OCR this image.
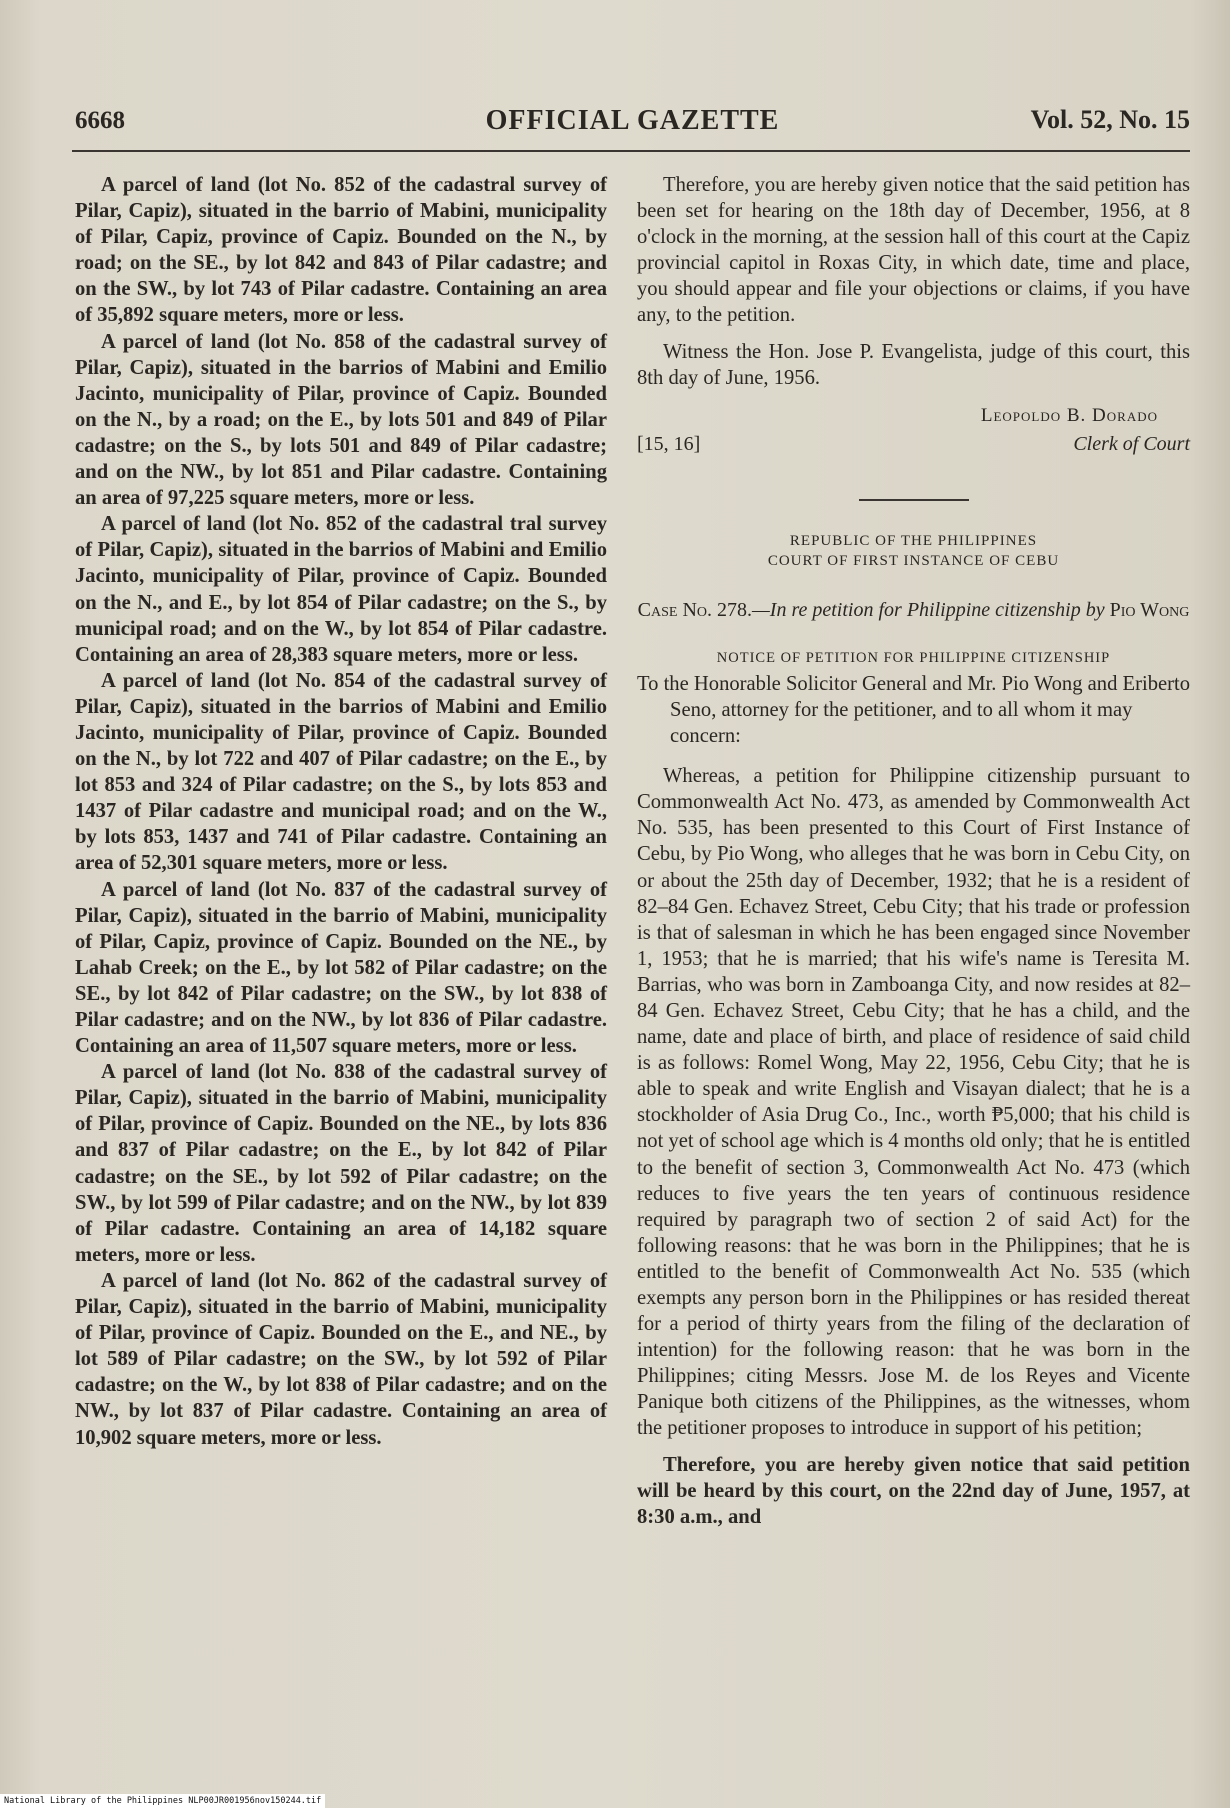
6668	OFFICIAL GAZETTE	Vol. 52, No. 15

A parcel of land (lot No. 852 of the cadastral survey of Pilar, Capiz), situated in the barrio of Mabini, municipality of Pilar, Capiz, province of Capiz. Bounded on the N., by road; on the SE., by lot 842 and 843 of Pilar cadastre; and on the SW., by lot 743 of Pilar cadastre. Containing an area of 35,892 square meters, more or less.

A parcel of land (lot No. 858 of the cadastral survey of Pilar, Capiz), situated in the barrios of Mabini and Emilio Jacinto, municipality of Pilar, province of Capiz. Bounded on the N., by a road; on the E., by lots 501 and 849 of Pilar cadastre; on the S., by lots 501 and 849 of Pilar cadastre; and on the NW., by lot 851 and Pilar cadastre. Containing an area of 97,225 square meters, more or less.

A parcel of land (lot No. 852 of the cadastral tral survey of Pilar, Capiz), situated in the barrios of Mabini and Emilio Jacinto, municipality of Pilar, province of Capiz. Bounded on the N., and E., by lot 854 of Pilar cadastre; on the S., by municipal road; and on the W., by lot 854 of Pilar cadastre. Containing an area of 28,383 square meters, more or less.

A parcel of land (lot No. 854 of the cadastral survey of Pilar, Capiz), situated in the barrios of Mabini and Emilio Jacinto, municipality of Pilar, province of Capiz. Bounded on the N., by lot 722 and 407 of Pilar cadastre; on the E., by lot 853 and 324 of Pilar cadastre; on the S., by lots 853 and 1437 of Pilar cadastre and municipal road; and on the W., by lots 853, 1437 and 741 of Pilar cadastre. Containing an area of 52,301 square meters, more or less.

A parcel of land (lot No. 837 of the cadastral survey of Pilar, Capiz), situated in the barrio of Mabini, municipality of Pilar, Capiz, province of Capiz. Bounded on the NE., by Lahab Creek; on the E., by lot 582 of Pilar cadastre; on the SE., by lot 842 of Pilar cadastre; on the SW., by lot 838 of Pilar cadastre; and on the NW., by lot 836 of Pilar cadastre. Containing an area of 11,507 square meters, more or less.

A parcel of land (lot No. 838 of the cadastral survey of Pilar, Capiz), situated in the barrio of Mabini, municipality of Pilar, province of Capiz. Bounded on the NE., by lots 836 and 837 of Pilar cadastre; on the E., by lot 842 of Pilar cadastre; on the SE., by lot 592 of Pilar cadastre; on the SW., by lot 599 of Pilar cadastre; and on the NW., by lot 839 of Pilar cadastre. Containing an area of 14,182 square meters, more or less.

A parcel of land (lot No. 862 of the cadastral survey of Pilar, Capiz), situated in the barrio of Mabini, municipality of Pilar, province of Capiz. Bounded on the E., and NE., by lot 589 of Pilar cadastre; on the SW., by lot 592 of Pilar cadastre; on the W., by lot 838 of Pilar cadastre; and on the NW., by lot 837 of Pilar cadastre. Containing an area of 10,902 square meters, more or less.

Therefore, you are hereby given notice that the said petition has been set for hearing on the 18th day of December, 1956, at 8 o'clock in the morning, at the session hall of this court at the Capiz provincial capitol in Roxas City, in which date, time and place, you should appear and file your objections or claims, if you have any, to the petition.

Witness the Hon. Jose P. Evangelista, judge of this court, this 8th day of June, 1956.

Leopoldo B. Dorado
[15, 16]	Clerk of Court
REPUBLIC OF THE PHILIPPINES
COURT OF FIRST INSTANCE OF CEBU
Case No. 278.—In re petition for Philippine citizenship by Pio Wong
NOTICE OF PETITION FOR PHILIPPINE CITIZENSHIP

To the Honorable Solicitor General and Mr. Pio Wong and Eriberto Seno, attorney for the petitioner, and to all whom it may concern:

Whereas, a petition for Philippine citizenship pursuant to Commonwealth Act No. 473, as amended by Commonwealth Act No. 535, has been presented to this Court of First Instance of Cebu, by Pio Wong, who alleges that he was born in Cebu City, on or about the 25th day of December, 1932; that he is a resident of 82–84 Gen. Echavez Street, Cebu City; that his trade or profession is that of salesman in which he has been engaged since November 1, 1953; that he is married; that his wife's name is Teresita M. Barrias, who was born in Zamboanga City, and now resides at 82–84 Gen. Echavez Street, Cebu City; that he has a child, and the name, date and place of birth, and place of residence of said child is as follows: Romel Wong, May 22, 1956, Cebu City; that he is able to speak and write English and Visayan dialect; that he is a stockholder of Asia Drug Co., Inc., worth ₱5,000; that his child is not yet of school age which is 4 months old only; that he is entitled to the benefit of section 3, Commonwealth Act No. 473 (which reduces to five years the ten years of continuous residence required by paragraph two of section 2 of said Act) for the following reasons: that he was born in the Philippines; that he is entitled to the benefit of Commonwealth Act No. 535 (which exempts any person born in the Philippines or has resided thereat for a period of thirty years from the filing of the declaration of intention) for the following reason: that he was born in the Philippines; citing Messrs. Jose M. de los Reyes and Vicente Panique both citizens of the Philippines, as the witnesses, whom the petitioner proposes to introduce in support of his petition;

Therefore, you are hereby given notice that said petition will be heard by this court, on the 22nd day of June, 1957, at 8:30 a.m., and

National Library of the Philippines NLP00JR001956nov150244.tif
